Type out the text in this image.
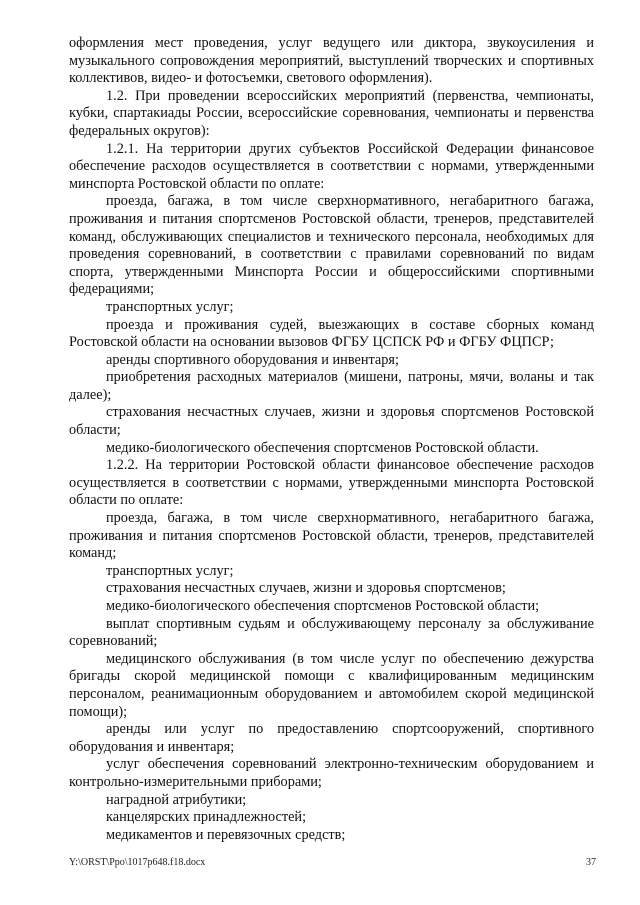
оформления мест проведения, услуг ведущего или диктора, звукоусиления и музыкального сопровождения мероприятий, выступлений творческих и спортивных коллективов, видео- и фотосъемки, светового оформления).

1.2. При проведении всероссийских мероприятий (первенства, чемпионаты, кубки, спартакиады России, всероссийские соревнования, чемпионаты и первенства федеральных округов):

1.2.1. На территории других субъектов Российской Федерации финансовое обеспечение расходов осуществляется в соответствии с нормами, утвержденными минспорта Ростовской области по оплате:

проезда, багажа, в том числе сверхнормативного, негабаритного багажа, проживания и питания спортсменов Ростовской области, тренеров, представителей команд, обслуживающих специалистов и технического персонала, необходимых для проведения соревнований, в соответствии с правилами соревнований по видам спорта, утвержденными Минспорта России и общероссийскими спортивными федерациями;

транспортных услуг;

проезда и проживания судей, выезжающих в составе сборных команд Ростовской области на основании вызовов ФГБУ ЦСПСК РФ и ФГБУ ФЦПСР;

аренды спортивного оборудования и инвентаря;

приобретения расходных материалов (мишени, патроны, мячи, воланы и так далее);

страхования несчастных случаев, жизни и здоровья спортсменов Ростовской области;

медико-биологического обеспечения спортсменов Ростовской области.

1.2.2. На территории Ростовской области финансовое обеспечение расходов осуществляется в соответствии с нормами, утвержденными минспорта Ростовской области по оплате:

проезда, багажа, в том числе сверхнормативного, негабаритного багажа, проживания и питания спортсменов Ростовской области, тренеров, представителей команд;

транспортных услуг;

страхования несчастных случаев, жизни и здоровья спортсменов;

медико-биологического обеспечения спортсменов Ростовской области;

выплат спортивным судьям и обслуживающему персоналу за обслуживание соревнований;

медицинского обслуживания (в том числе услуг по обеспечению дежурства бригады скорой медицинской помощи с квалифицированным медицинским персоналом, реанимационным оборудованием и автомобилем скорой медицинской помощи);

аренды или услуг по предоставлению спортсооружений, спортивного оборудования и инвентаря;

услуг обеспечения соревнований электронно-техническим оборудованием и контрольно-измерительными приборами;

наградной атрибутики;

канцелярских принадлежностей;

медикаментов и перевязочных средств;

Y:\ORST\Ppo\1017p648.f18.docx	37
